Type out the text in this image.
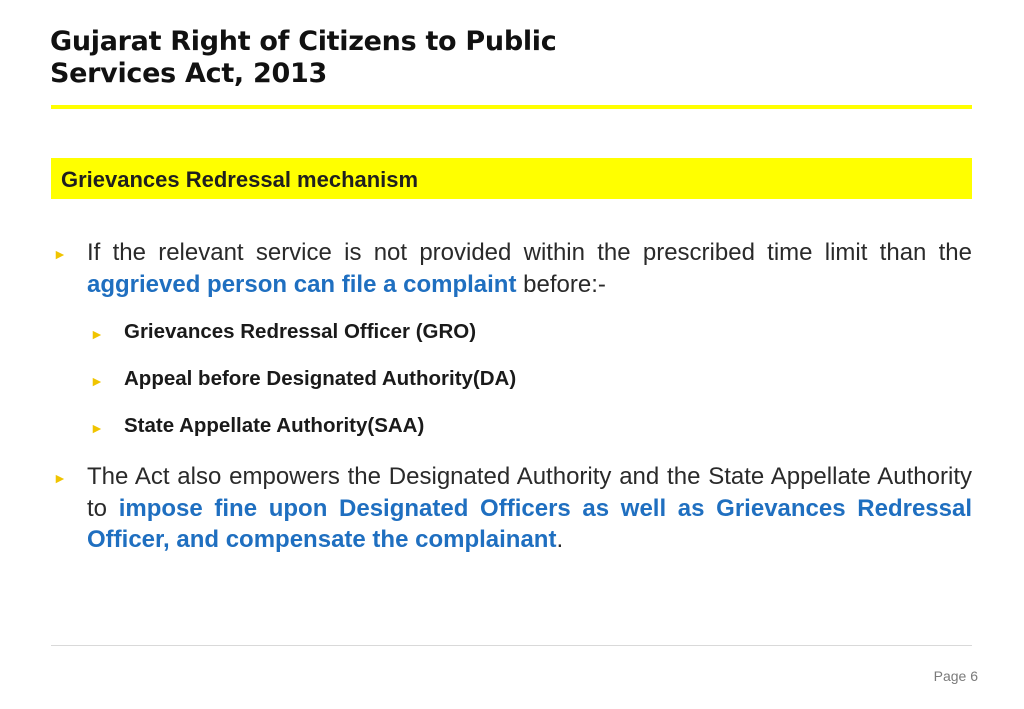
Gujarat Right of Citizens to Public
Services Act, 2013
Grievances Redressal mechanism
► If the relevant service is not provided within the prescribed time limit than the aggrieved person can file a complaint before:-
► Grievances Redressal Officer (GRO)
► Appeal before Designated Authority(DA)
► State Appellate Authority(SAA)
► The Act also empowers the Designated Authority and the State Appellate Authority to impose fine upon Designated Officers as well as Grievances Redressal Officer, and compensate the complainant.
Page 6
